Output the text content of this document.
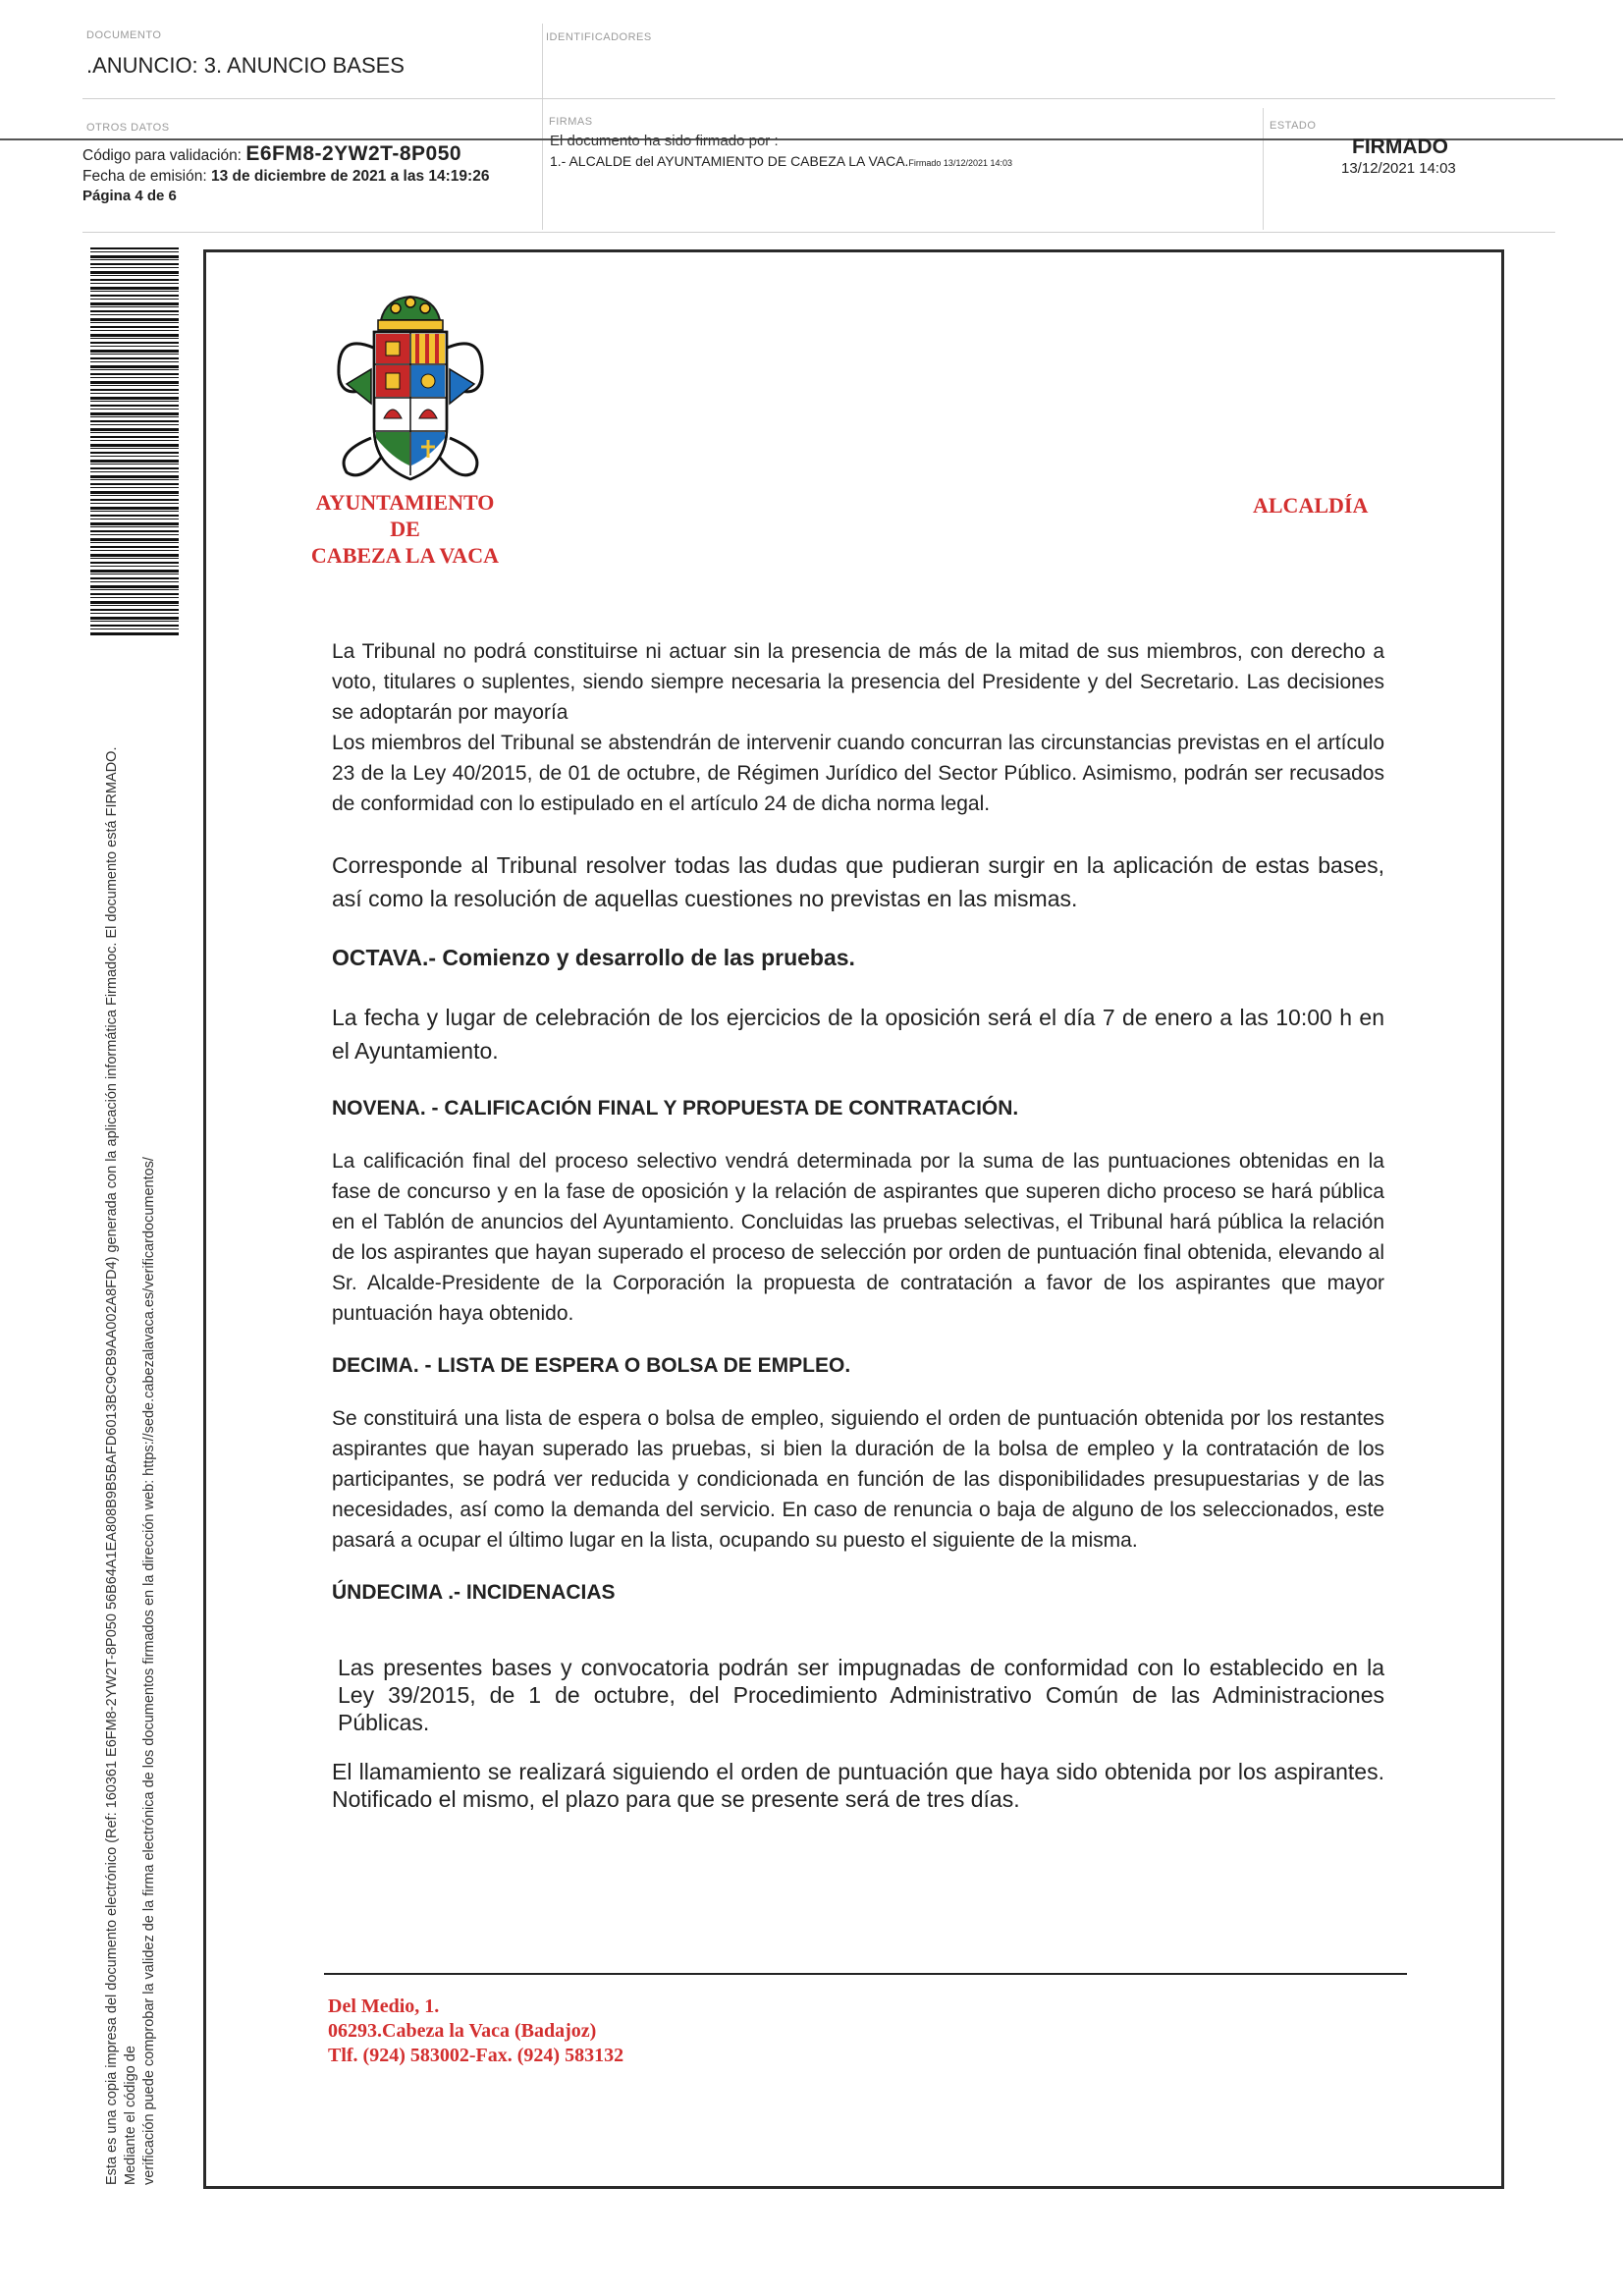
DOCUMENTO
.ANUNCIO: 3. ANUNCIO BASES
IDENTIFICADORES
OTROS DATOS
Código para validación: E6FM8-2YW2T-8P050
Fecha de emisión: 13 de diciembre de 2021 a las 14:19:26
Página 4 de 6
FIRMAS
El documento ha sido firmado por :
1.- ALCALDE del AYUNTAMIENTO DE CABEZA LA VACA.Firmado 13/12/2021 14:03
ESTADO
FIRMADO
13/12/2021 14:03
Esta es una copia impresa del documento electrónico (Ref: 160361 E6FM8-2YW2T-8P050 56B64A1EA808B9B5BAFD6013BC9CB9AA002A8FD4) generada con la aplicación informática Firmadoc. El documento está FIRMADO. Mediante el código de verificación puede comprobar la validez de la firma electrónica de los documentos firmados en la dirección web: https://sede.cabezalavaca.es/verificardocumentos/
AYUNTAMIENTO
DE
CABEZA LA VACA
ALCALDÍA
La Tribunal no podrá constituirse ni actuar sin la presencia de más de la mitad de sus miembros, con derecho a voto, titulares o suplentes, siendo siempre necesaria la presencia del Presidente y del Secretario. Las decisiones se adoptarán por mayoría
Los miembros del Tribunal se abstendrán de intervenir cuando concurran las circunstancias previstas en el artículo 23 de la Ley 40/2015, de 01 de octubre, de Régimen Jurídico del Sector Público. Asimismo, podrán ser recusados de conformidad con lo estipulado en el artículo 24 de dicha norma legal.
Corresponde al Tribunal resolver todas las dudas que pudieran surgir en la aplicación de estas bases, así como la resolución de aquellas cuestiones no previstas en las mismas.
OCTAVA.- Comienzo y desarrollo de las pruebas.
La fecha y lugar de celebración de los ejercicios de la oposición será el día 7 de enero a las 10:00 h en el Ayuntamiento.
NOVENA. - CALIFICACIÓN FINAL Y PROPUESTA DE CONTRATACIÓN.
La calificación final del proceso selectivo vendrá determinada por la suma de las puntuaciones obtenidas en la fase de concurso y en la fase de oposición y la relación de aspirantes que superen dicho proceso se hará pública en el Tablón de anuncios del Ayuntamiento. Concluidas las pruebas selectivas, el Tribunal hará pública la relación de los aspirantes que hayan superado el proceso de selección por orden de puntuación final obtenida, elevando al Sr. Alcalde-Presidente de la Corporación la propuesta de contratación a favor de los aspirantes que mayor puntuación haya obtenido.
DECIMA. - LISTA DE ESPERA O BOLSA DE EMPLEO.
Se constituirá una lista de espera o bolsa de empleo, siguiendo el orden de puntuación obtenida por los restantes aspirantes que hayan superado las pruebas, si bien la duración de la bolsa de empleo y la contratación de los participantes, se podrá ver reducida y condicionada en función de las disponibilidades presupuestarias y de las necesidades, así como la demanda del servicio. En caso de renuncia o baja de alguno de los seleccionados, este pasará a ocupar el último lugar en la lista, ocupando su puesto el siguiente de la misma.
ÚNDECIMA .- INCIDENACIAS
Las presentes bases y convocatoria podrán ser impugnadas de conformidad con lo establecido en la Ley 39/2015, de 1 de octubre, del Procedimiento Administrativo Común de las Administraciones Públicas.
El llamamiento se realizará siguiendo el orden de puntuación que haya sido obtenida por los aspirantes. Notificado el mismo, el plazo para que se presente será de tres días.
Del Medio, 1.
06293.Cabeza la Vaca (Badajoz)
Tlf. (924) 583002-Fax. (924) 583132
